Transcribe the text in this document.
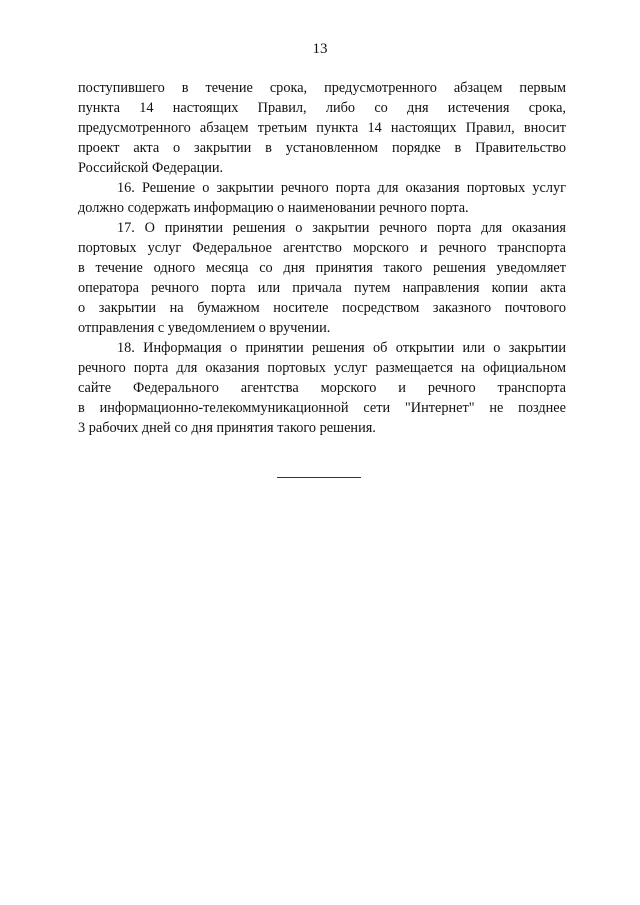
13
поступившего в течение срока, предусмотренного абзацем первым
пункта 14 настоящих Правил, либо со дня истечения срока,
предусмотренного абзацем третьим пункта 14 настоящих Правил, вносит
проект акта о закрытии в установленном порядке в Правительство
Российской Федерации.
16. Решение о закрытии речного порта для оказания портовых услуг
должно содержать информацию о наименовании речного порта.
17. О принятии решения о закрытии речного порта для оказания
портовых услуг Федеральное агентство морского и речного транспорта
в течение одного месяца со дня принятия такого решения уведомляет
оператора речного порта или причала путем направления копии акта
о закрытии на бумажном носителе посредством заказного почтового
отправления с уведомлением о вручении.
18. Информация о принятии решения об открытии или о закрытии
речного порта для оказания портовых услуг размещается на официальном
сайте Федерального агентства морского и речного транспорта
в информационно-телекоммуникационной сети "Интернет" не позднее
3 рабочих дней со дня принятия такого решения.
